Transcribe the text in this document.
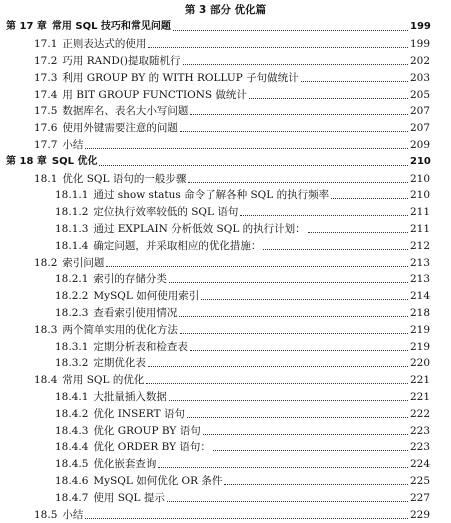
第 3 部分 优化篇
第 17 章 常用 SQL 技巧和常见问题	199
17.1 正则表达式的使用	199
17.2 巧用 RAND()提取随机行	202
17.3 利用 GROUP BY 的 WITH ROLLUP 子句做统计	203
17.4 用 BIT GROUP FUNCTIONS 做统计	205
17.5 数据库名、表名大小写问题	207
17.6 使用外键需要注意的问题	207
17.7 小结	209
第 18 章 SQL 优化	210
18.1 优化 SQL 语句的一般步骤	210
18.1.1 通过 show status 命令了解各种 SQL 的执行频率	210
18.1.2 定位执行效率较低的 SQL 语句	211
18.1.3 通过 EXPLAIN 分析低效 SQL 的执行计划：	211
18.1.4 确定问题，并采取相应的优化措施：	212
18.2 索引问题	213
18.2.1 索引的存储分类	213
18.2.2 MySQL 如何使用索引	214
18.2.3 查看索引使用情况	218
18.3 两个简单实用的优化方法	219
18.3.1 定期分析表和检查表	219
18.3.2 定期优化表	220
18.4 常用 SQL 的优化	221
18.4.1 大批量插入数据	221
18.4.2 优化 INSERT 语句	222
18.4.3 优化 GROUP BY 语句	223
18.4.4 优化 ORDER BY 语句：	223
18.4.5 优化嵌套查询	224
18.4.6 MySQL 如何优化 OR 条件	225
18.4.7 使用 SQL 提示	227
18.5 小结	229
